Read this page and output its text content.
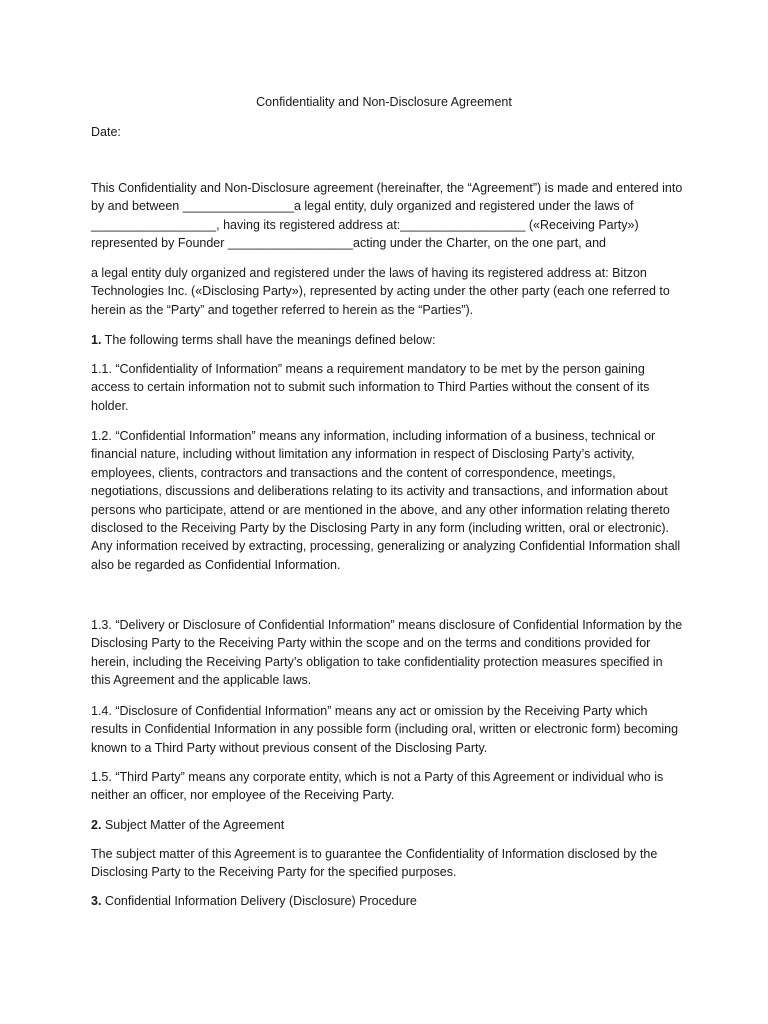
Confidentiality and Non-Disclosure Agreement
Date:

This Confidentiality and Non-Disclosure agreement (hereinafter, the “Agreement”) is made and entered into by and between ________________a legal entity, duly organized and registered under the laws of __________________, having its registered address at:__________________ («Receiving Party») represented by Founder __________________acting under the Charter, on the one part, and

a legal entity duly organized and registered under the laws of having its registered address at: Bitzon Technologies Inc. («Disclosing Party»), represented by acting under the other party (each one referred to herein as the “Party” and together referred to herein as the “Parties”).

1. The following terms shall have the meanings defined below:

1.1. “Confidentiality of Information” means a requirement mandatory to be met by the person gaining access to certain information not to submit such information to Third Parties without the consent of its holder.

1.2. “Confidential Information” means any information, including information of a business, technical or financial nature, including without limitation any information in respect of Disclosing Party’s activity, employees, clients, contractors and transactions and the content of correspondence, meetings, negotiations, discussions and deliberations relating to its activity and transactions, and information about persons who participate, attend or are mentioned in the above, and any other information relating thereto disclosed to the Receiving Party by the Disclosing Party in any form (including written, oral or electronic). Any information received by extracting, processing, generalizing or analyzing Confidential Information shall also be regarded as Confidential Information.

1.3. “Delivery or Disclosure of Confidential Information” means disclosure of Confidential Information by the Disclosing Party to the Receiving Party within the scope and on the terms and conditions provided for herein, including the Receiving Party’s obligation to take confidentiality protection measures specified in this Agreement and the applicable laws.

1.4. “Disclosure of Confidential Information” means any act or omission by the Receiving Party which results in Confidential Information in any possible form (including oral, written or electronic form) becoming known to a Third Party without previous consent of the Disclosing Party.

1.5. “Third Party” means any corporate entity, which is not a Party of this Agreement or individual who is neither an officer, nor employee of the Receiving Party.

2. Subject Matter of the Agreement

The subject matter of this Agreement is to guarantee the Confidentiality of Information disclosed by the Disclosing Party to the Receiving Party for the specified purposes.

3. Confidential Information Delivery (Disclosure) Procedure
